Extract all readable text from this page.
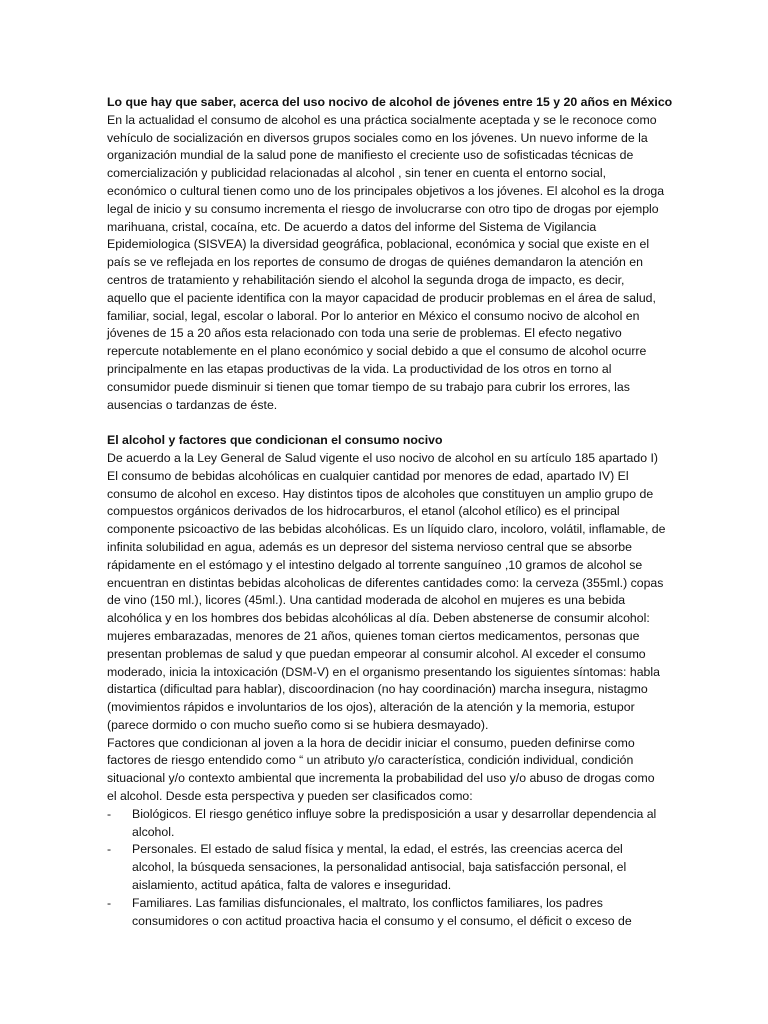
Lo que hay que saber, acerca del uso nocivo de alcohol de jóvenes entre 15 y 20 años en México

En la actualidad el consumo de alcohol es una práctica socialmente aceptada y se le reconoce como vehículo de socialización en diversos grupos sociales como en los jóvenes. Un nuevo informe de la organización mundial de la salud pone de manifiesto el creciente uso de sofisticadas técnicas de comercialización y publicidad relacionadas al alcohol , sin tener en cuenta el entorno social, económico o cultural tienen como uno de los principales objetivos a los jóvenes. El alcohol es la droga legal de inicio y su consumo incrementa el riesgo de involucrarse con otro tipo de drogas por ejemplo marihuana, cristal, cocaína, etc. De acuerdo a datos del informe del Sistema de Vigilancia Epidemiologica (SISVEA) la diversidad geográfica, poblacional, económica y social que existe en el país se ve reflejada en los reportes de consumo de drogas de quiénes demandaron la atención en centros de tratamiento y rehabilitación siendo el alcohol la segunda droga de impacto, es decir, aquello que el paciente identifica con la mayor capacidad de producir problemas en el área de salud, familiar, social, legal, escolar o laboral. Por lo anterior en México el consumo nocivo de alcohol en jóvenes de 15 a 20 años esta relacionado con toda una serie de problemas. El efecto negativo repercute notablemente en el plano económico y social debido a que el consumo de alcohol ocurre principalmente en las etapas productivas de la vida. La productividad de los otros en torno al consumidor puede disminuir si tienen que tomar tiempo de su trabajo para cubrir los errores, las ausencias o tardanzas de éste.

El alcohol y factores que condicionan el consumo nocivo

De acuerdo a la Ley General de Salud vigente el uso nocivo de alcohol en su artículo 185 apartado I) El consumo de bebidas alcohólicas en cualquier cantidad por menores de edad, apartado IV) El consumo de alcohol en exceso. Hay distintos tipos de alcoholes que constituyen un amplio grupo de compuestos orgánicos derivados de los hidrocarburos, el etanol (alcohol etílico) es el principal componente psicoactivo de las bebidas alcohólicas. Es un líquido claro, incoloro, volátil, inflamable, de infinita solubilidad en agua, además es un depresor del sistema nervioso central que se absorbe rápidamente en el estómago y el intestino delgado al torrente sanguíneo ,10 gramos de alcohol se encuentran en distintas bebidas alcoholicas de diferentes cantidades como: la cerveza (355ml.) copas de vino (150 ml.), licores (45ml.). Una cantidad moderada de alcohol en mujeres es una bebida alcohólica y en los hombres dos bebidas alcohólicas al día. Deben abstenerse de consumir alcohol: mujeres embarazadas, menores de 21 años, quienes toman ciertos medicamentos, personas que presentan problemas de salud y que puedan empeorar al consumir alcohol. Al exceder el consumo moderado, inicia la intoxicación (DSM-V) en el organismo presentando los siguientes síntomas: habla distartica (dificultad para hablar), discoordinacion (no hay coordinación) marcha insegura, nistagmo (movimientos rápidos e involuntarios de los ojos), alteración de la atención y la memoria, estupor (parece dormido o con mucho sueño como si se hubiera desmayado).

Factores que condicionan al joven a la hora de decidir iniciar el consumo, pueden definirse como factores de riesgo entendido como “ un atributo y/o característica, condición individual, condición situacional y/o contexto ambiental que incrementa la probabilidad del uso y/o abuso de drogas como el alcohol. Desde esta perspectiva y pueden ser clasificados como:

-	Biológicos. El riesgo genético influye sobre la predisposición a usar y desarrollar dependencia al alcohol.
-	Personales. El estado de salud física y mental, la edad, el estrés, las creencias acerca del alcohol, la búsqueda sensaciones, la personalidad antisocial, baja satisfacción personal, el aislamiento, actitud apática, falta de valores e inseguridad.
-	Familiares. Las familias disfuncionales, el maltrato, los conflictos familiares, los padres consumidores o con actitud proactiva hacia el consumo y el consumo, el déficit o exceso de
